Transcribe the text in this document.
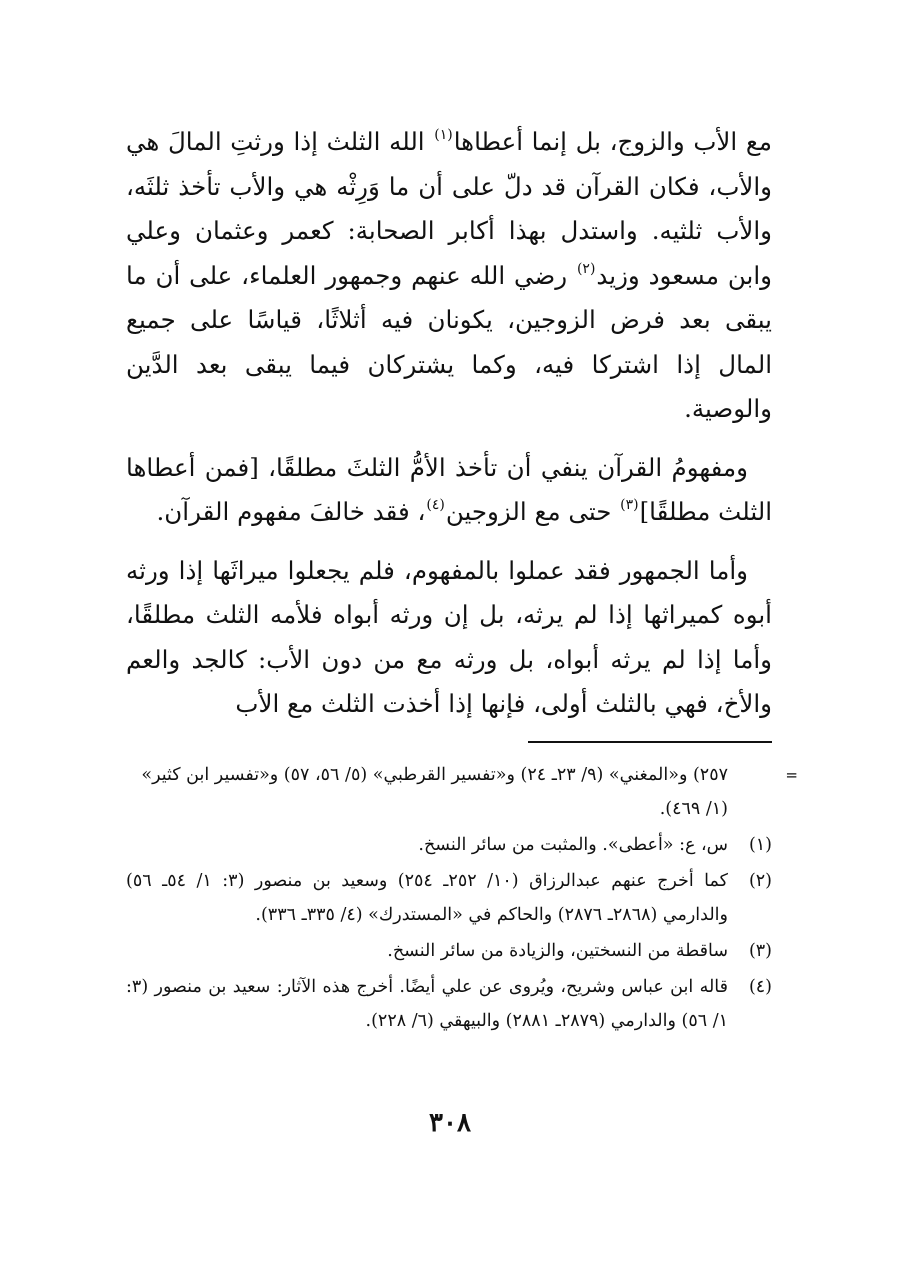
مع الأب والزوج، بل إنما أعطاها$^{(١)}$ الله الثلث إذا ورثتِ المالَ هي والأب، فكان القرآن قد دلّ على أن ما وَرِثْه هي والأب تأخذ ثلثَه، والأب ثلثيه. واستدل بهذا أكابر الصحابة: كعمر وعثمان وعلي وابن مسعود وزيد$^{(٢)}$ رضي الله عنهم وجمهور العلماء، على أن ما يبقى بعد فرض الزوجين، يكونان فيه أثلاثًا، قياسًا على جميع المال إذا اشتركا فيه، وكما يشتركان فيما يبقى بعد الدَّين والوصية.

ومفهومُ القرآن ينفي أن تأخذ الأمُّ الثلثَ مطلقًا، [فمن أعطاها الثلث مطلقًا]$^{(٣)}$ حتى مع الزوجين$^{(٤)}$، فقد خالفَ مفهوم القرآن.

وأما الجمهور فقد عملوا بالمفهوم، فلم يجعلوا ميراثَها إذا ورثه أبوه كميراثها إذا لم يرثه، بل إن ورثه أبواه فلأمه الثلث مطلقًا، وأما إذا لم يرثه أبواه، بل ورثه مع من دون الأب: كالجد والعم والأخ، فهي بالثلث أولى، فإنها إذا أخذت الثلث مع الأب

=
٢٥٧) و«المغني» (٩/ ٢٣ـ ٢٤) و«تفسير القرطبي» (٥/ ٥٦، ٥٧) و«تفسير ابن كثير» (١/ ٤٦٩).

(١)
س، ع: «أعطى». والمثبت من سائر النسخ.

(٢)
كما أخرج عنهم عبدالرزاق (١٠/ ٢٥٢ـ ٢٥٤) وسعيد بن منصور (٣: ١/ ٥٤ـ ٥٦) والدارمي (٢٨٦٨ـ ٢٨٧٦) والحاكم في «المستدرك» (٤/ ٣٣٥ـ ٣٣٦).

(٣)
ساقطة من النسختين، والزيادة من سائر النسخ.

(٤)
قاله ابن عباس وشريح، ويُروى عن علي أيضًا. أخرج هذه الآثار: سعيد بن منصور (٣: ١/ ٥٦) والدارمي (٢٨٧٩ـ ٢٨٨١) والبيهقي (٦/ ٢٢٨).

٣٠٨
